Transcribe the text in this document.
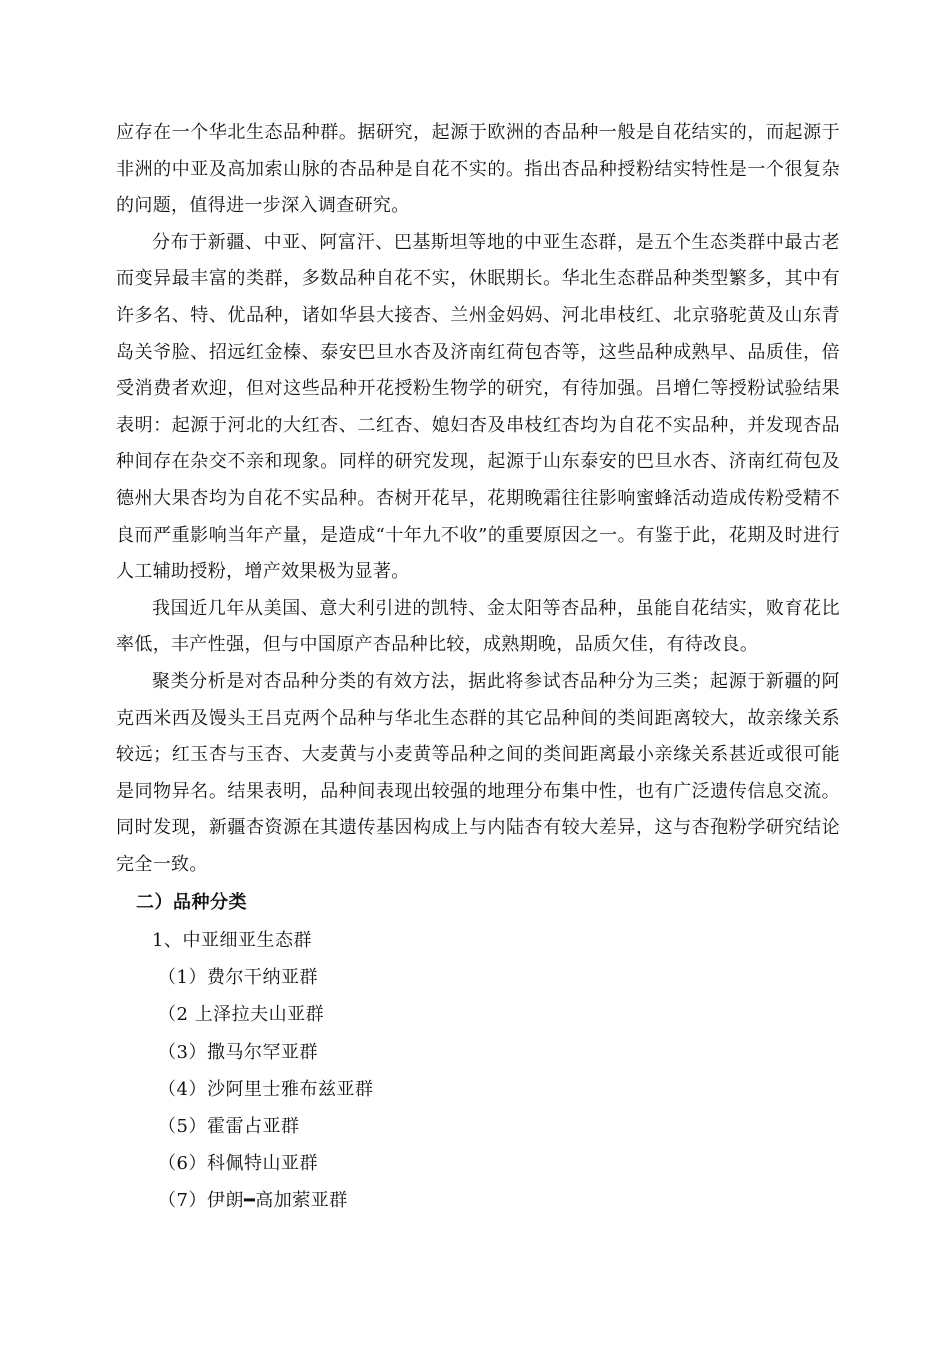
应存在一个华北生态品种群。据研究，起源于欧洲的杏品种一般是自花结实的，而起源于非洲的中亚及高加索山脉的杏品种是自花不实的。指出杏品种授粉结实特性是一个很复杂的问题，值得进一步深入调查研究。

分布于新疆、中亚、阿富汗、巴基斯坦等地的中亚生态群，是五个生态类群中最古老而变异最丰富的类群，多数品种自花不实，休眠期长。华北生态群品种类型繁多，其中有许多名、特、优品种，诸如华县大接杏、兰州金妈妈、河北串枝红、北京骆驼黄及山东青岛关爷脸、招远红金榛、泰安巴旦水杏及济南红荷包杏等，这些品种成熟早、品质佳，倍受消费者欢迎，但对这些品种开花授粉生物学的研究，有待加强。吕增仁等授粉试验结果表明：起源于河北的大红杏、二红杏、媳妇杏及串枝红杏均为自花不实品种，并发现杏品种间存在杂交不亲和现象。同样的研究发现，起源于山东泰安的巴旦水杏、济南红荷包及德州大果杏均为自花不实品种。杏树开花早，花期晚霜往往影响蜜蜂活动造成传粉受精不良而严重影响当年产量，是造成“十年九不收”的重要原因之一。有鉴于此，花期及时进行人工辅助授粉，增产效果极为显著。

我国近几年从美国、意大利引进的凯特、金太阳等杏品种，虽能自花结实，败育花比率低，丰产性强，但与中国原产杏品种比较，成熟期晚，品质欠佳，有待改良。

聚类分析是对杏品种分类的有效方法，据此将参试杏品种分为三类；起源于新疆的阿克西米西及馒头王吕克两个品种与华北生态群的其它品种间的类间距离较大，故亲缘关系较远；红玉杏与玉杏、大麦黄与小麦黄等品种之间的类间距离最小亲缘关系甚近或很可能是同物异名。结果表明，品种间表现出较强的地理分布集中性，也有广泛遗传信息交流。同时发现，新疆杏资源在其遗传基因构成上与内陆杏有较大差异，这与杏孢粉学研究结论完全一致。

二）品种分类
1、中亚细亚生态群
（1）费尔干纳亚群
（2 上泽拉夫山亚群
（3）撒马尔罕亚群
（4）沙阿里士雅布兹亚群
（5）霍雷占亚群
（6）科佩特山亚群
（7）伊朗━高加萦亚群
